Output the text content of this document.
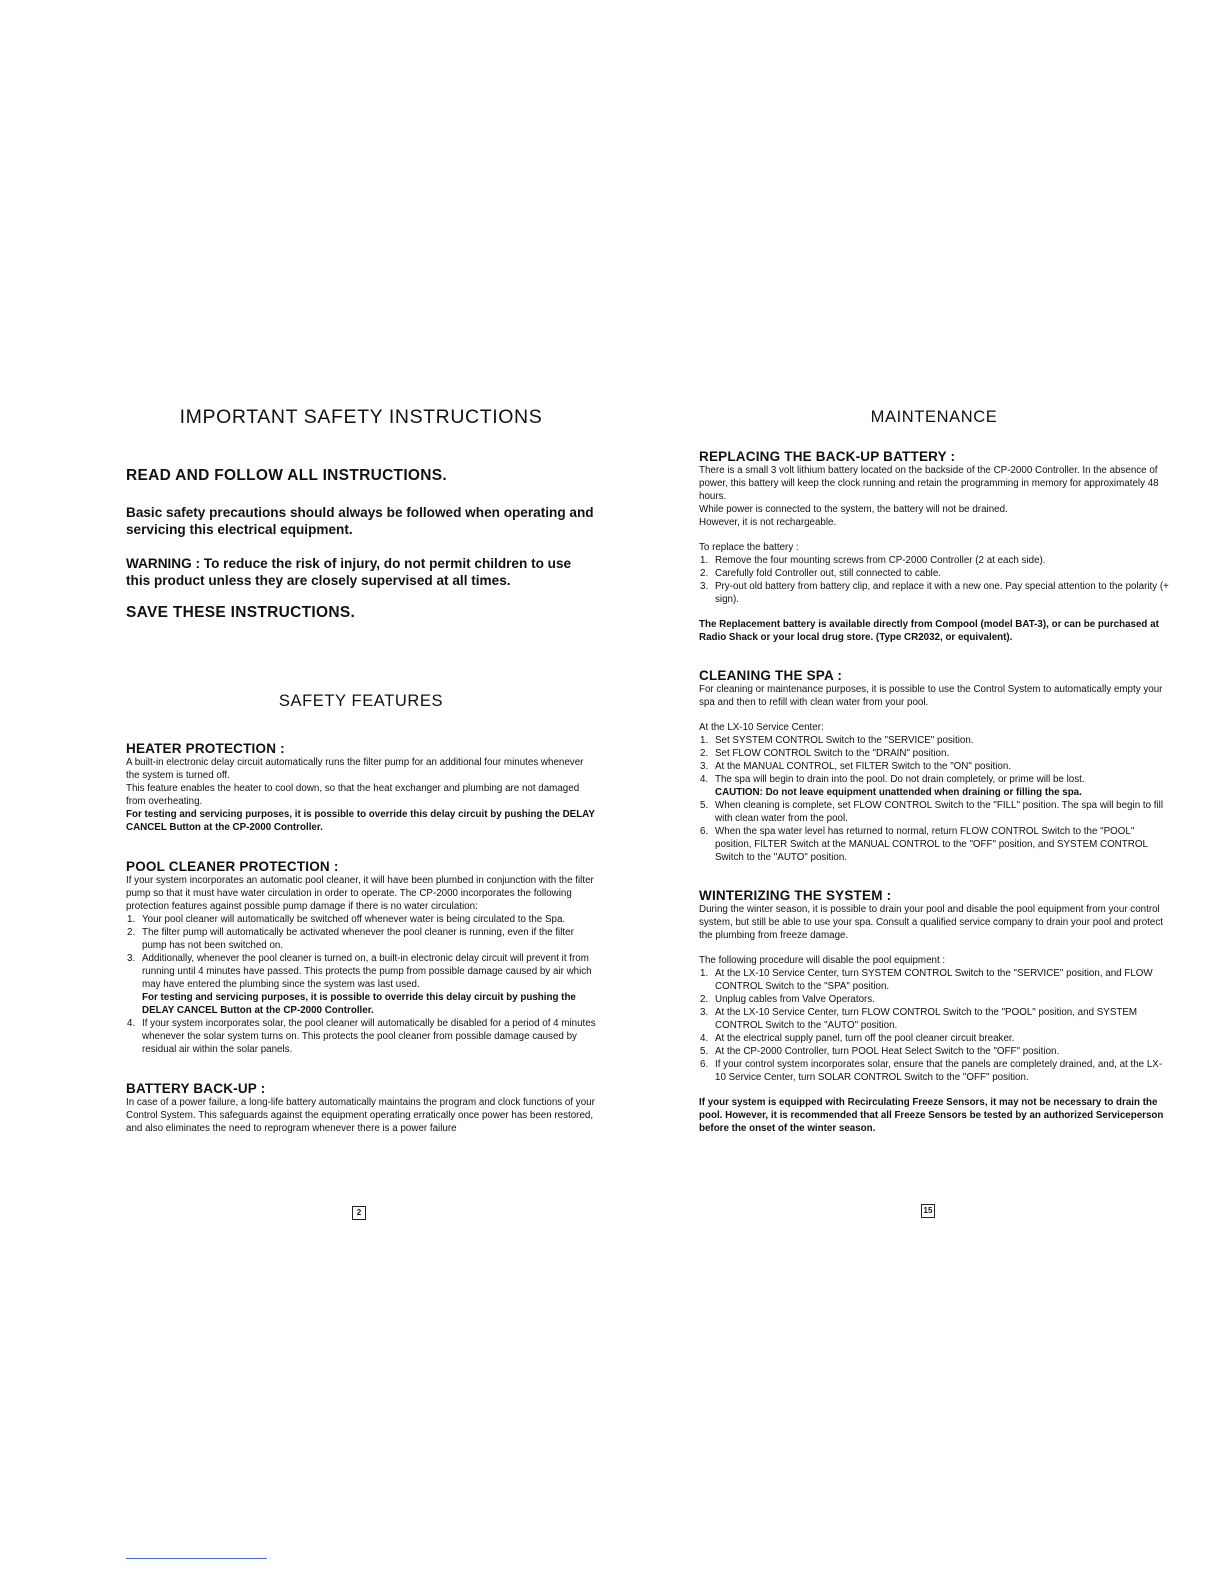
IMPORTANT SAFETY INSTRUCTIONS

READ AND FOLLOW ALL INSTRUCTIONS.

Basic safety precautions should always be followed when operating and servicing this electrical equipment.

WARNING : To reduce the risk of injury, do not permit children to use this product unless they are closely supervised at all times.

SAVE THESE INSTRUCTIONS.

SAFETY FEATURES

HEATER PROTECTION :

A built-in electronic delay circuit automatically runs the filter pump for an additional four minutes whenever the system is turned off.

This feature enables the heater to cool down, so that the heat exchanger and plumbing are not damaged from overheating.

For testing and servicing purposes, it is possible to override this delay circuit by pushing the DELAY CANCEL Button at the CP-2000 Controller.

POOL CLEANER PROTECTION :

If your system incorporates an automatic pool cleaner, it will have been plumbed in conjunction with the filter pump so that it must have water circulation in order to operate. The CP-2000 incorporates the following protection features against possible pump damage if there is no water circulation:

1. Your pool cleaner will automatically be switched off whenever water is being circulated to the Spa.
2. The filter pump will automatically be activated whenever the pool cleaner is running, even if the filter pump has not been switched on.
3. Additionally, whenever the pool cleaner is turned on, a built-in electronic delay circuit will prevent it from running until 4 minutes have passed. This protects the pump from possible damage caused by air which may have entered the plumbing since the system was last used.
For testing and servicing purposes, it is possible to override this delay circuit by pushing the DELAY CANCEL Button at the CP-2000 Controller.
4. If your system incorporates solar, the pool cleaner will automatically be disabled for a period of 4 minutes whenever the solar system turns on. This protects the pool cleaner from possible damage caused by residual air within the solar panels.

BATTERY BACK-UP :

In case of a power failure, a long-life battery automatically maintains the program and clock functions of your Control System. This safeguards against the equipment operating erratically once power has been restored, and also eliminates the need to reprogram whenever there is a power failure

2
MAINTENANCE

REPLACING THE BACK-UP BATTERY :

There is a small 3 volt lithium battery located on the backside of the CP-2000 Controller. In the absence of power, this battery will keep the clock running and retain the programming in memory for approximately 48 hours.

While power is connected to the system, the battery will not be drained.

However, it is not rechargeable.

To replace the battery :

1. Remove the four mounting screws from CP-2000 Controller (2 at each side).
2. Carefully fold Controller out, still connected to cable.
3. Pry-out old battery from battery clip, and replace it with a new one. Pay special attention to the polarity (+ sign).

The Replacement battery is available directly from Compool (model BAT-3), or can be purchased at Radio Shack or your local drug store. (Type CR2032, or equivalent).

CLEANING THE SPA :

For cleaning or maintenance purposes, it is possible to use the Control System to automatically empty your spa and then to refill with clean water from your pool.

At the LX-10 Service Center:

1. Set SYSTEM CONTROL Switch to the "SERVICE" position.
2. Set FLOW CONTROL Switch to the "DRAIN" position.
3. At the MANUAL CONTROL, set FILTER Switch to the "ON" position.
4. The spa will begin to drain into the pool. Do not drain completely, or prime will be lost.
CAUTION: Do not leave equipment unattended when draining or filling the spa.
5. When cleaning is complete, set FLOW CONTROL Switch to the "FILL" position. The spa will begin to fill with clean water from the pool.
6. When the spa water level has returned to normal, return FLOW CONTROL Switch to the "POOL" position, FILTER Switch at the MANUAL CONTROL to the "OFF" position, and SYSTEM CONTROL Switch to the "AUTO" position.

WINTERIZING THE SYSTEM :

During the winter season, it is possible to drain your pool and disable the pool equipment from your control system, but still be able to use your spa. Consult a qualified service company to drain your pool and protect the plumbing from freeze damage.

The following procedure will disable the pool equipment :

1. At the LX-10 Service Center, turn SYSTEM CONTROL Switch to the "SERVICE" position, and FLOW CONTROL Switch to the "SPA" position.
2. Unplug cables from Valve Operators.
3. At the LX-10 Service Center, turn FLOW CONTROL Switch to the "POOL" position, and SYSTEM CONTROL Switch to the "AUTO" position.
4. At the electrical supply panel, turn off the pool cleaner circuit breaker.
5. At the CP-2000 Controller, turn POOL Heat Select Switch to the "OFF" position.
6. If your control system incorporates solar, ensure that the panels are completely drained, and, at the LX-10 Service Center, turn SOLAR CONTROL Switch to the "OFF" position.

If your system is equipped with Recirculating Freeze Sensors, it may not be necessary to drain the pool. However, it is recommended that all Freeze Sensors be tested by an authorized Serviceperson before the onset of the winter season.

15
